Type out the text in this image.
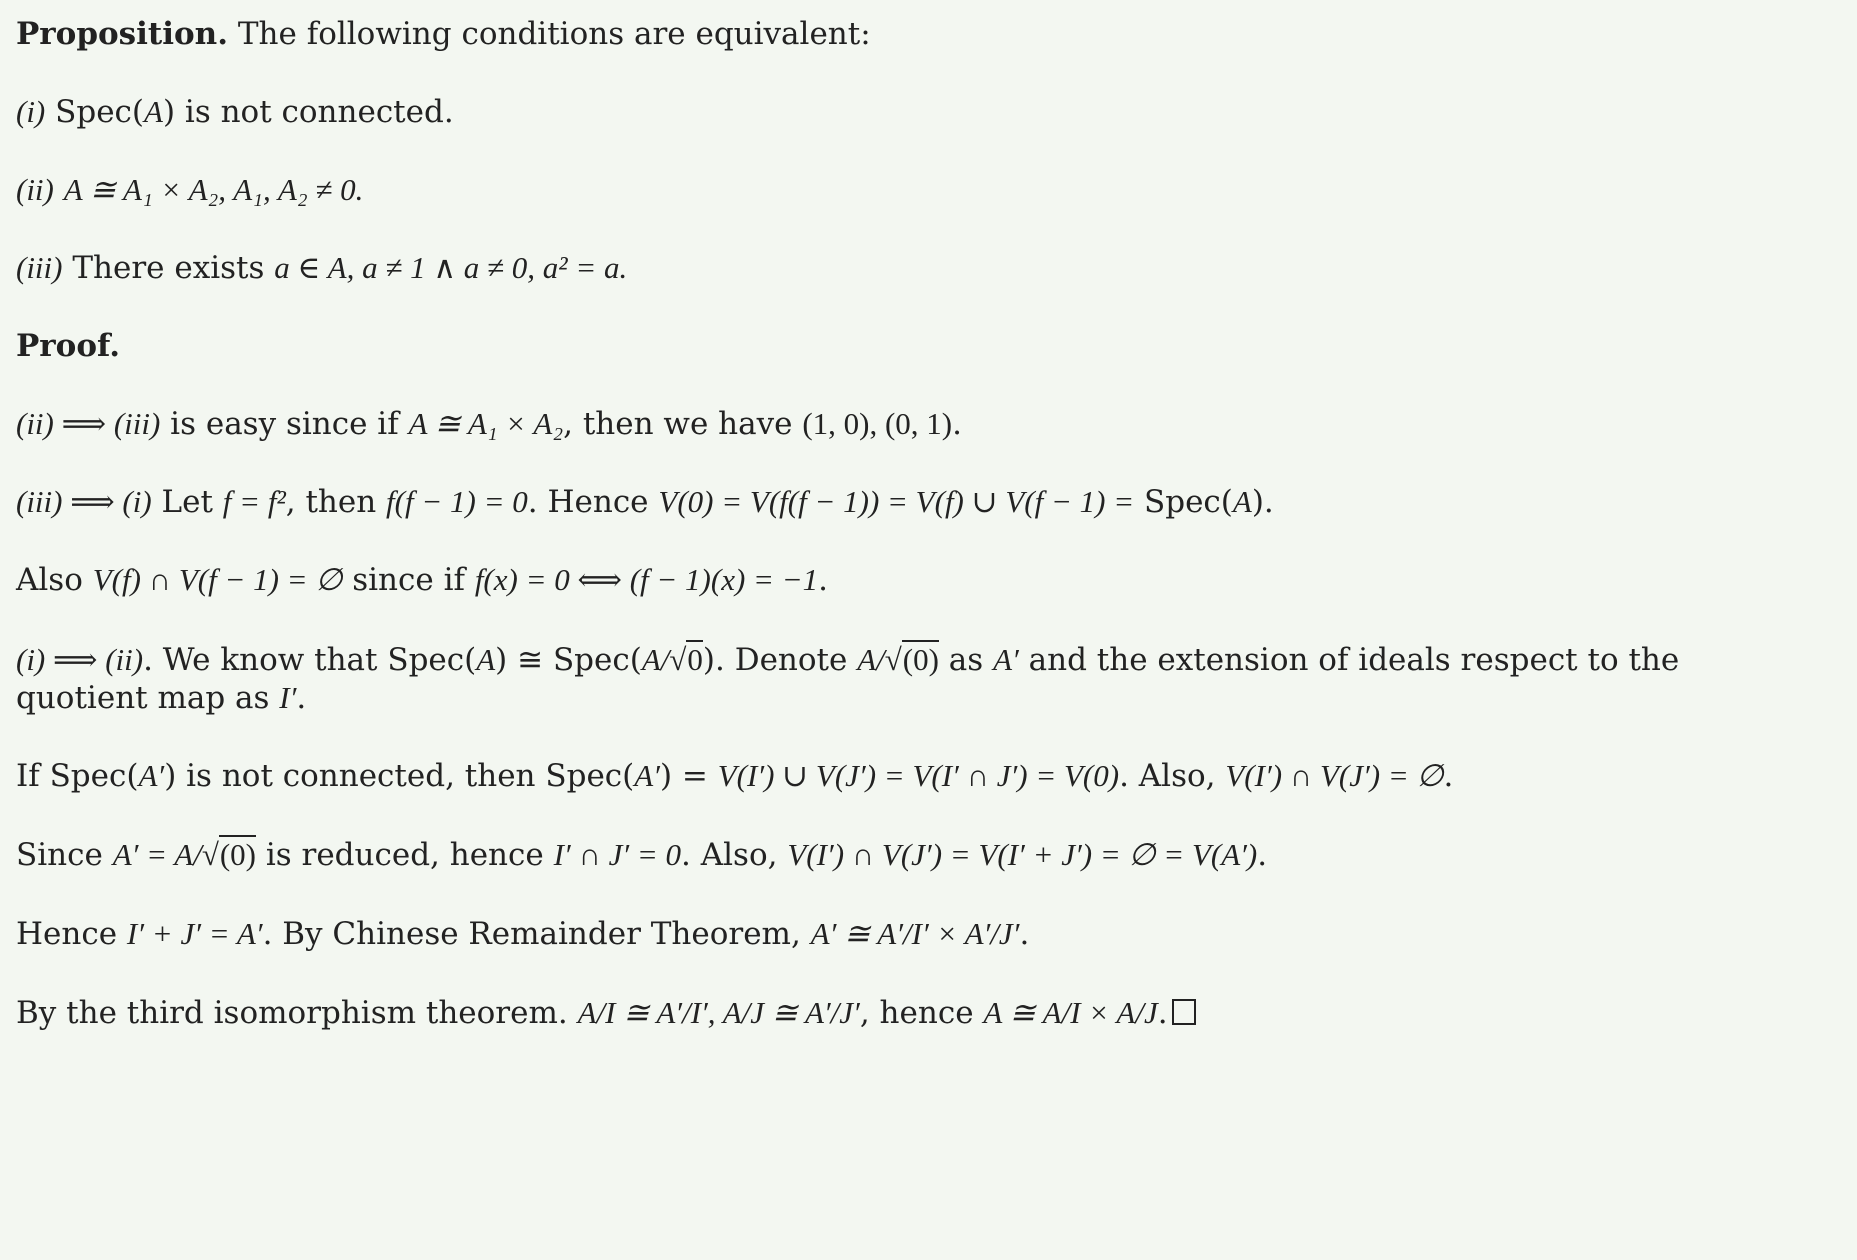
Proposition. The following conditions are equivalent:
(i) Spec(A) is not connected.
(ii) A ≅ A₁ × A₂, A₁, A₂ ≠ 0.
(iii) There exists a ∈ A, a ≠ 1 ∧ a ≠ 0, a² = a.
Proof.
(ii) ⟹ (iii) is easy since if A ≅ A₁ × A₂, then we have (1, 0), (0, 1).
(iii) ⟹ (i) Let f = f², then f(f − 1) = 0. Hence V(0) = V(f(f − 1)) = V(f) ∪ V(f − 1) = Spec(A).
Also V(f) ∩ V(f − 1) = ∅ since if f(x) = 0 ⟺ (f − 1)(x) = −1.
(i) ⟹ (ii). We know that Spec(A) ≅ Spec(A/√0). Denote A/√(0) as A′ and the extension of ideals respect to the
quotient map as I′.
If Spec(A′) is not connected, then Spec(A′) = V(I′) ∪ V(J′) = V(I′ ∩ J′) = V(0). Also, V(I′) ∩ V(J′) = ∅.
Since A′ = A/√(0) is reduced, hence I′ ∩ J′ = 0. Also, V(I′) ∩ V(J′) = V(I′ + J′) = ∅ = V(A′).
Hence I′ + J′ = A′. By Chinese Remainder Theorem, A′ ≅ A′/I′ × A′/J′.
By the third isomorphism theorem. A/I ≅ A′/I′, A/J ≅ A′/J′, hence A ≅ A/I × A/J.
